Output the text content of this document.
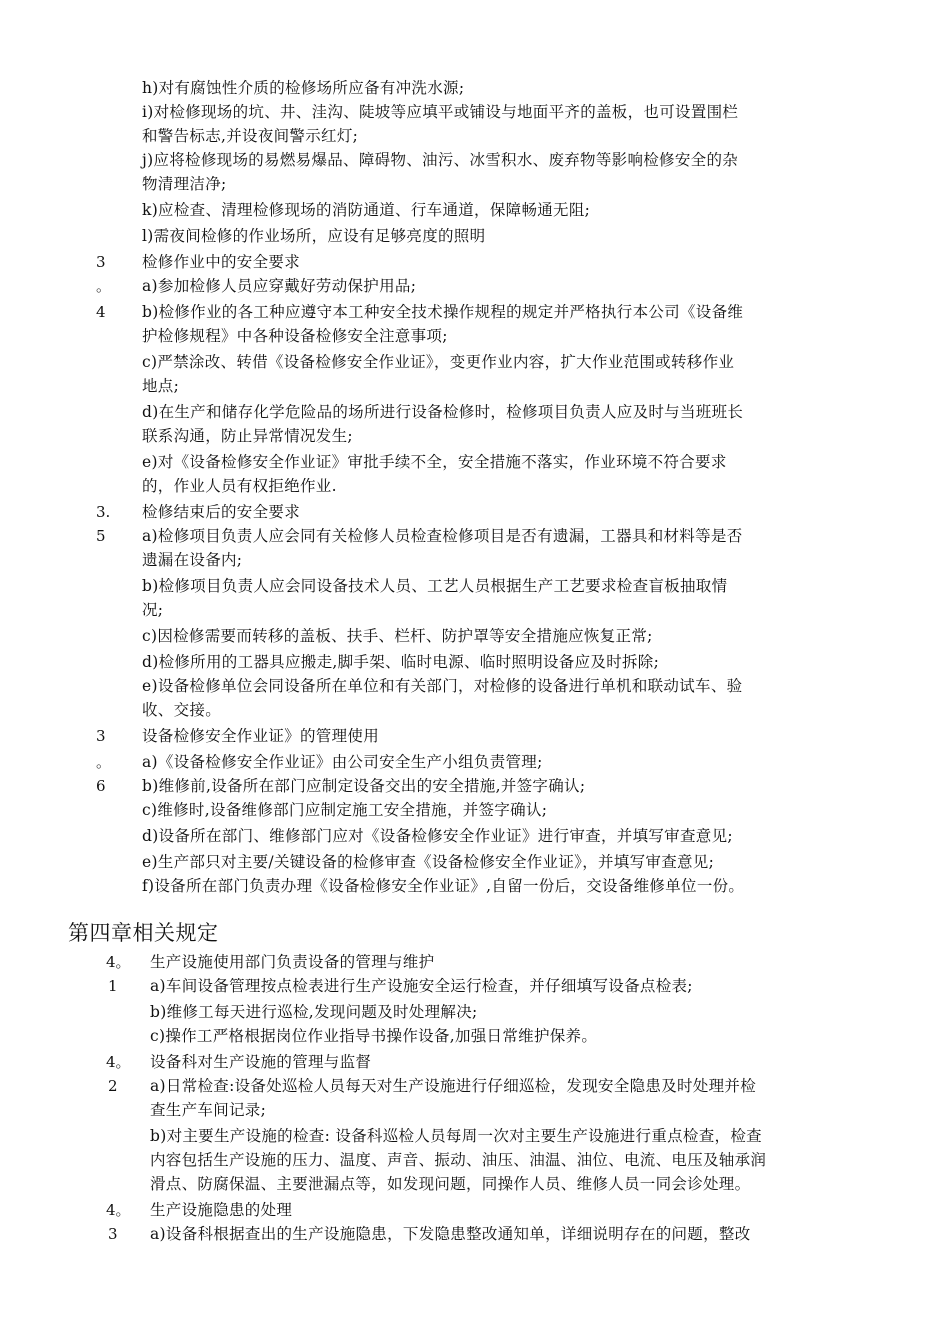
h)对有腐蚀性介质的检修场所应备有冲洗水源;
i)对检修现场的坑、井、洼沟、陡坡等应填平或铺设与地面平齐的盖板，也可设置围栏
和警告标志,并设夜间警示红灯;
j)应将检修现场的易燃易爆品、障碍物、油污、冰雪积水、废弃物等影响检修安全的杂
物清理洁净;
k)应检查、清理检修现场的消防通道、行车通道，保障畅通无阻;
l)需夜间检修的作业场所，应设有足够亮度的照明
3 检修作业中的安全要求
。 a)参加检修人员应穿戴好劳动保护用品;
4 b)检修作业的各工种应遵守本工种安全技术操作规程的规定并严格执行本公司《设备维
护检修规程》中各种设备检修安全注意事项;
c)严禁涂改、转借《设备检修安全作业证》，变更作业内容，扩大作业范围或转移作业
地点;
d)在生产和储存化学危险品的场所进行设备检修时，检修项目负责人应及时与当班班长
联系沟通，防止异常情况发生;
e)对《设备检修安全作业证》审批手续不全，安全措施不落实，作业环境不符合要求
的，作业人员有权拒绝作业.
3. 检修结束后的安全要求
5 a)检修项目负责人应会同有关检修人员检查检修项目是否有遗漏，工器具和材料等是否
遗漏在设备内;
b)检修项目负责人应会同设备技术人员、工艺人员根据生产工艺要求检查盲板抽取情
况;
c)因检修需要而转移的盖板、扶手、栏杆、防护罩等安全措施应恢复正常;
d)检修所用的工器具应搬走,脚手架、临时电源、临时照明设备应及时拆除;
e)设备检修单位会同设备所在单位和有关部门，对检修的设备进行单机和联动试车、验
收、交接。
3 设备检修安全作业证》的管理使用
。 a)《设备检修安全作业证》由公司安全生产小组负责管理;
6 b)维修前,设备所在部门应制定设备交出的安全措施,并签字确认;
c)维修时,设备维修部门应制定施工安全措施，并签字确认;
d)设备所在部门、维修部门应对《设备检修安全作业证》进行审查，并填写审查意见;
e)生产部只对主要/关键设备的检修审查《设备检修安全作业证》，并填写审查意见;
f)设备所在部门负责办理《设备检修安全作业证》,自留一份后，交设备维修单位一份。
第四章相关规定
4。 生产设施使用部门负责设备的管理与维护
1 a)车间设备管理按点检表进行生产设施安全运行检查，并仔细填写设备点检表;
b)维修工每天进行巡检,发现问题及时处理解决;
c)操作工严格根据岗位作业指导书操作设备,加强日常维护保养。
4。 设备科对生产设施的管理与监督
2 a)日常检查:设备处巡检人员每天对生产设施进行仔细巡检，发现安全隐患及时处理并检
查生产车间记录;
b)对主要生产设施的检查: 设备科巡检人员每周一次对主要生产设施进行重点检查，检查
内容包括生产设施的压力、温度、声音、振动、油压、油温、油位、电流、电压及轴承润
滑点、防腐保温、主要泄漏点等，如发现问题，同操作人员、维修人员一同会诊处理。
4。 生产设施隐患的处理
3 a)设备科根据查出的生产设施隐患，下发隐患整改通知单，详细说明存在的问题，整改
